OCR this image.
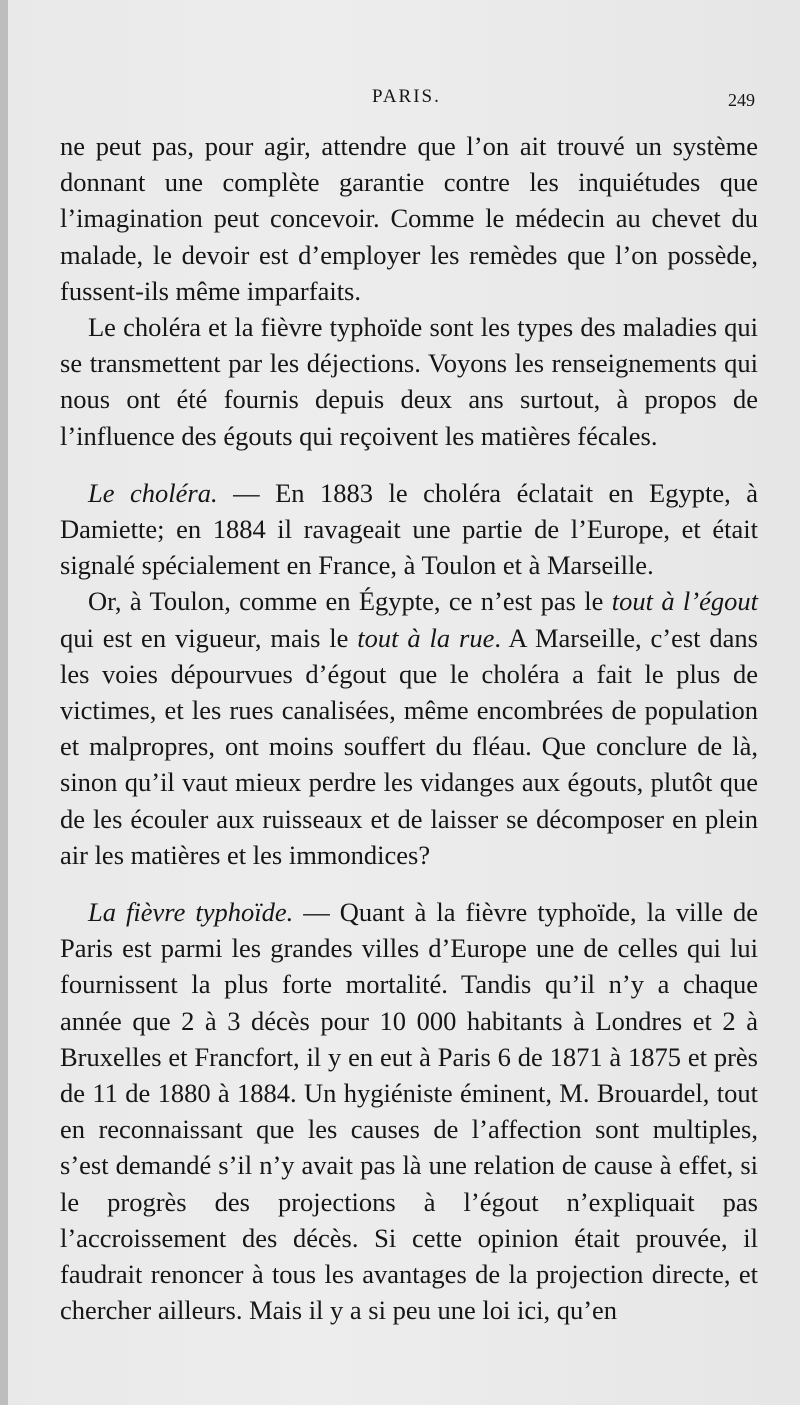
PARIS.	249

ne peut pas, pour agir, attendre que l’on ait trouvé un système donnant une complète garantie contre les inquiétudes que l’imagination peut concevoir. Comme le médecin au chevet du malade, le devoir est d’employer les remèdes que l’on possède, fussent-ils même imparfaits.

Le choléra et la fièvre typhoïde sont les types des maladies qui se transmettent par les déjections. Voyons les renseignements qui nous ont été fournis depuis deux ans surtout, à propos de l’influence des égouts qui reçoivent les matières fécales.

Le choléra. — En 1883 le choléra éclatait en Egypte, à Damiette; en 1884 il ravageait une partie de l’Europe, et était signalé spécialement en France, à Toulon et à Marseille.

Or, à Toulon, comme en Égypte, ce n’est pas le tout à l’égout qui est en vigueur, mais le tout à la rue. A Marseille, c’est dans les voies dépourvues d’égout que le choléra a fait le plus de victimes, et les rues canalisées, même encombrées de population et malpropres, ont moins souffert du fléau. Que conclure de là, sinon qu’il vaut mieux perdre les vidanges aux égouts, plutôt que de les écouler aux ruisseaux et de laisser se décomposer en plein air les matières et les immondices?

La fièvre typhoïde. — Quant à la fièvre typhoïde, la ville de Paris est parmi les grandes villes d’Europe une de celles qui lui fournissent la plus forte mortalité. Tandis qu’il n’y a chaque année que 2 à 3 décès pour 10 000 habitants à Londres et 2 à Bruxelles et Francfort, il y en eut à Paris 6 de 1871 à 1875 et près de 11 de 1880 à 1884. Un hygiéniste éminent, M. Brouardel, tout en reconnaissant que les causes de l’affection sont multiples, s’est demandé s’il n’y avait pas là une relation de cause à effet, si le progrès des projections à l’égout n’expliquait pas l’accroissement des décès. Si cette opinion était prouvée, il faudrait renoncer à tous les avantages de la projection directe, et chercher ailleurs. Mais il y a si peu une loi ici, qu’en
